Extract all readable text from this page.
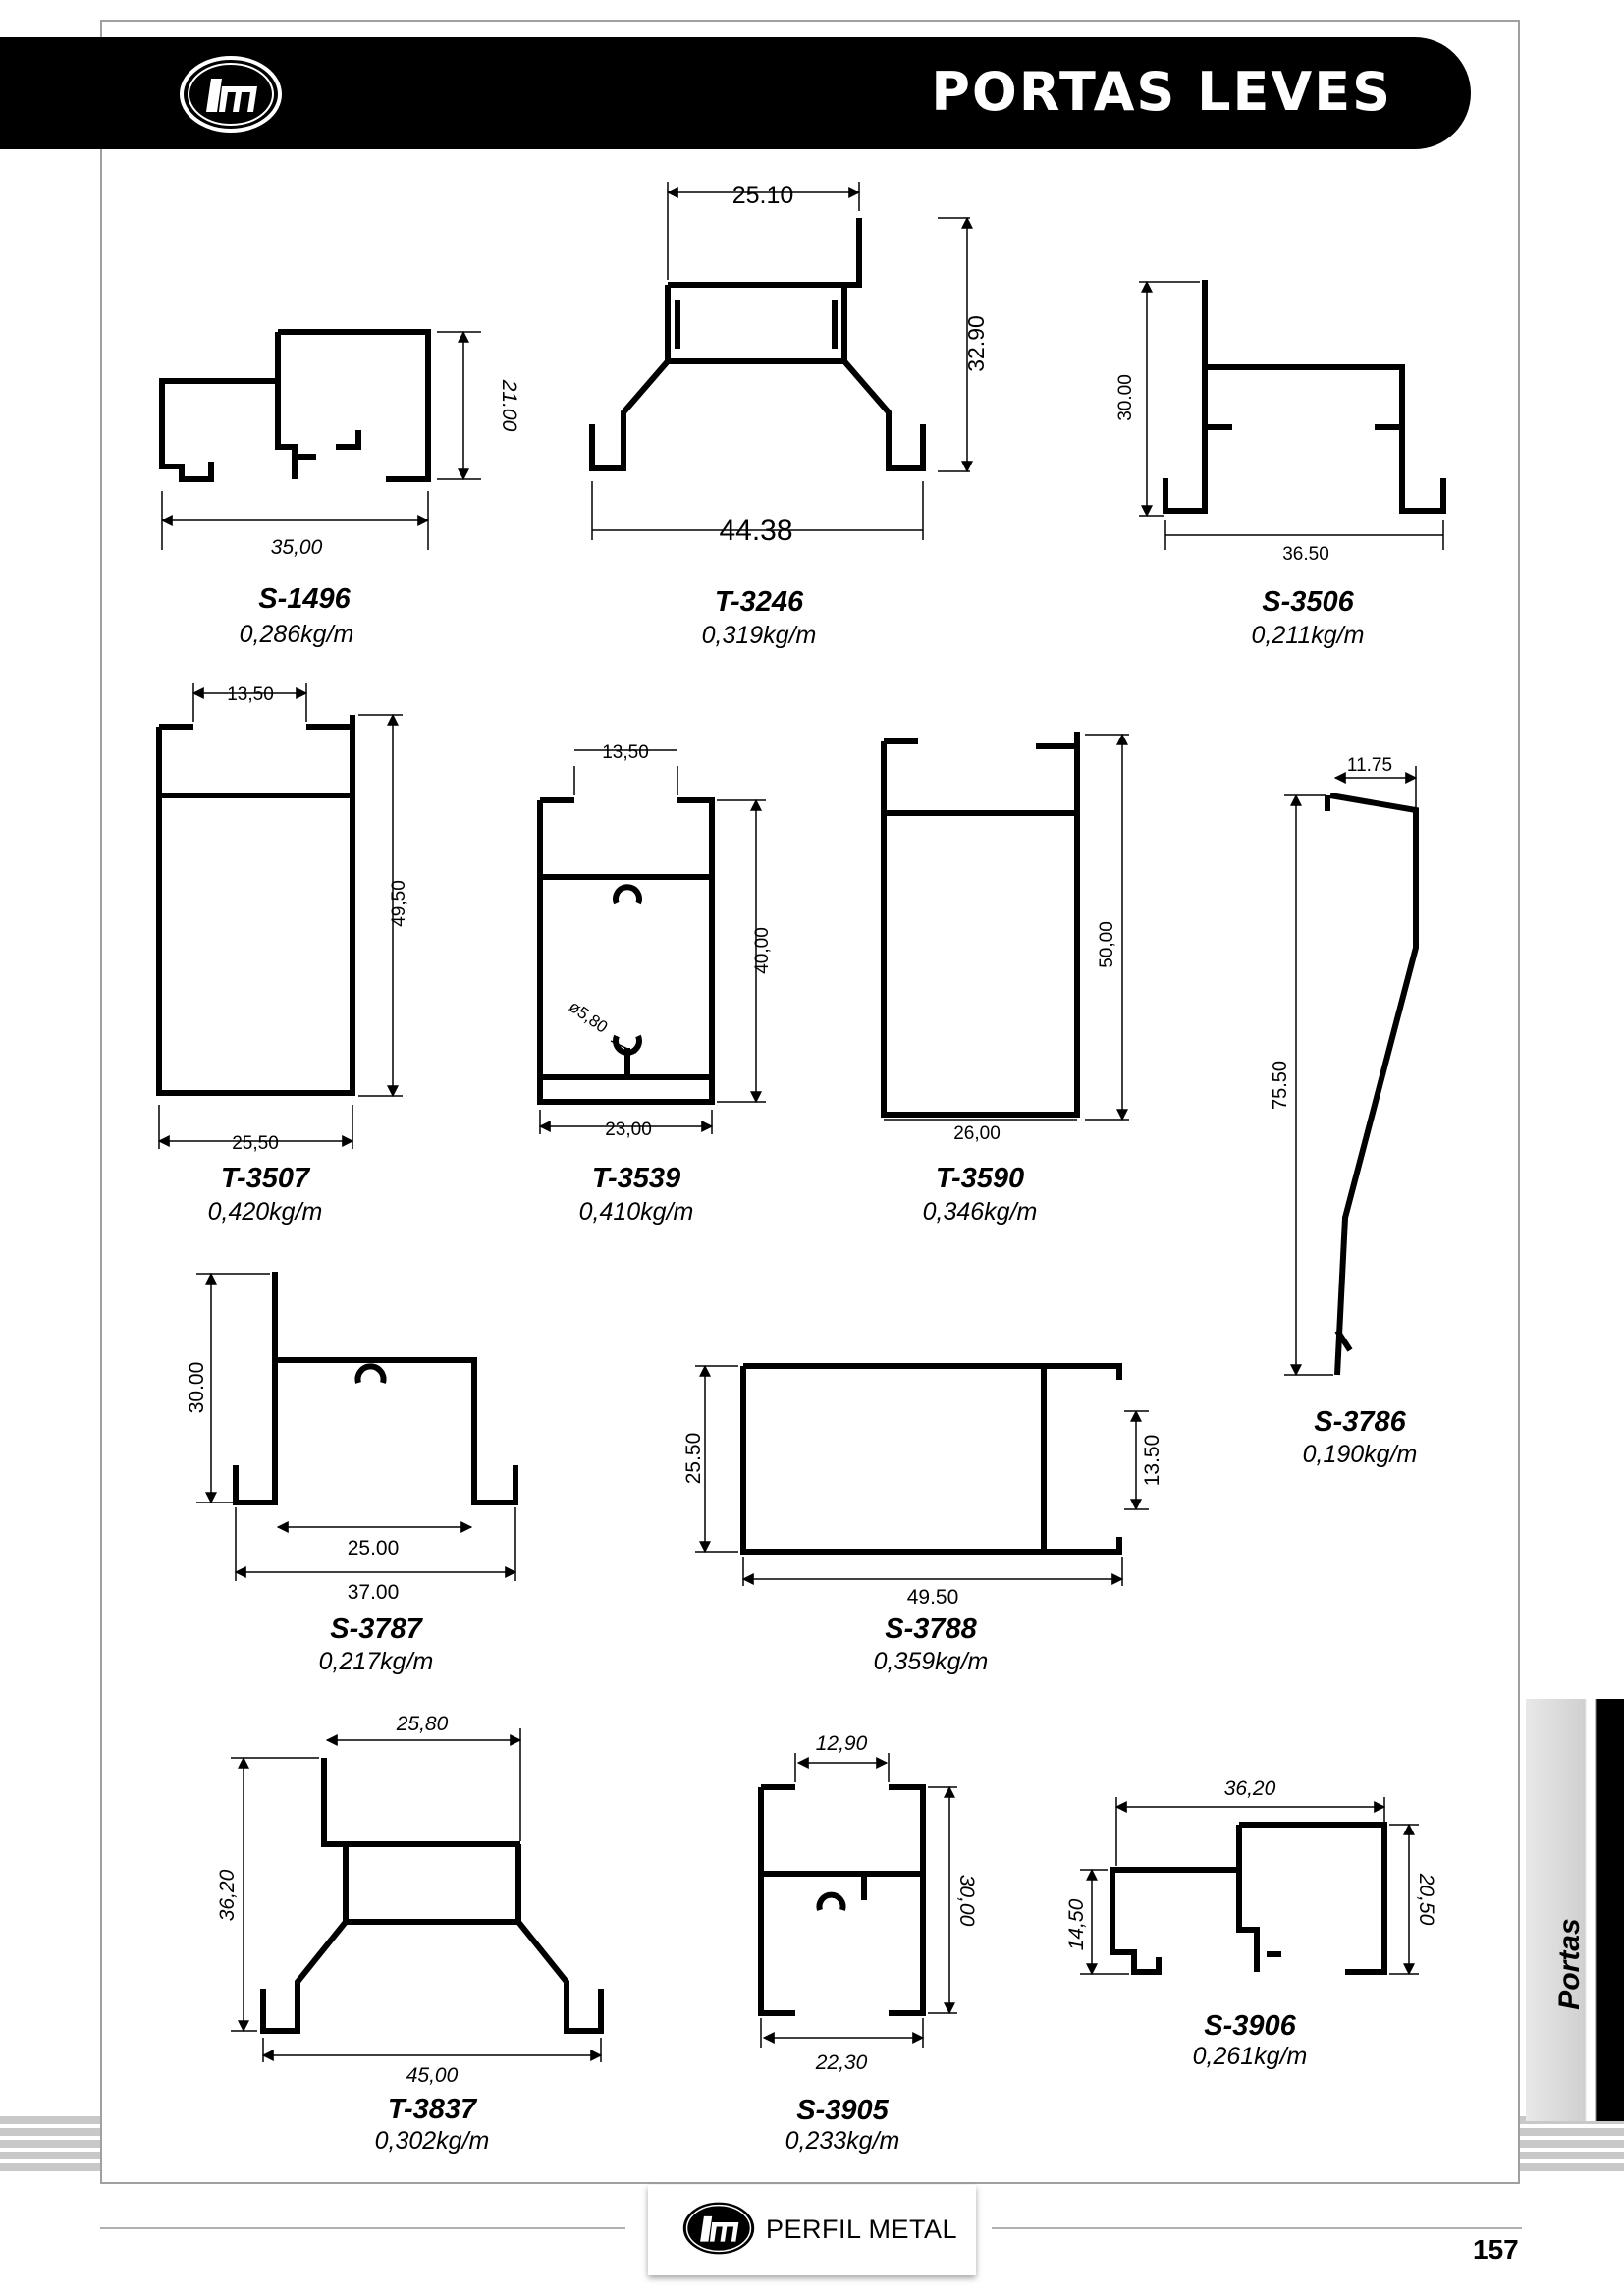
PORTAS LEVES
35,00
21.00
25.10
32.90
44.38
30.00
36.50
13,50
49,50
25,50
13,50
40,00
ø5,80
23,00
50,00
26,00
11.75
75.50
30.00
25.00
37.00
25.50	13.50
49.50
25,80
36,20
45,00
12,90
30,00
22,30
36,20
14,50	20,50
S-1496
0,286kg/m
T-3246
0,319kg/m
S-3506
0,211kg/m
T-3507
0,420kg/m
T-3539
0,410kg/m
T-3590
0,346kg/m
S-3786
0,190kg/m
S-3787
0,217kg/m
S-3788
0,359kg/m
T-3837
0,302kg/m
S-3905
0,233kg/m
S-3906
0,261kg/m
Portas
PERFIL METAL
157
